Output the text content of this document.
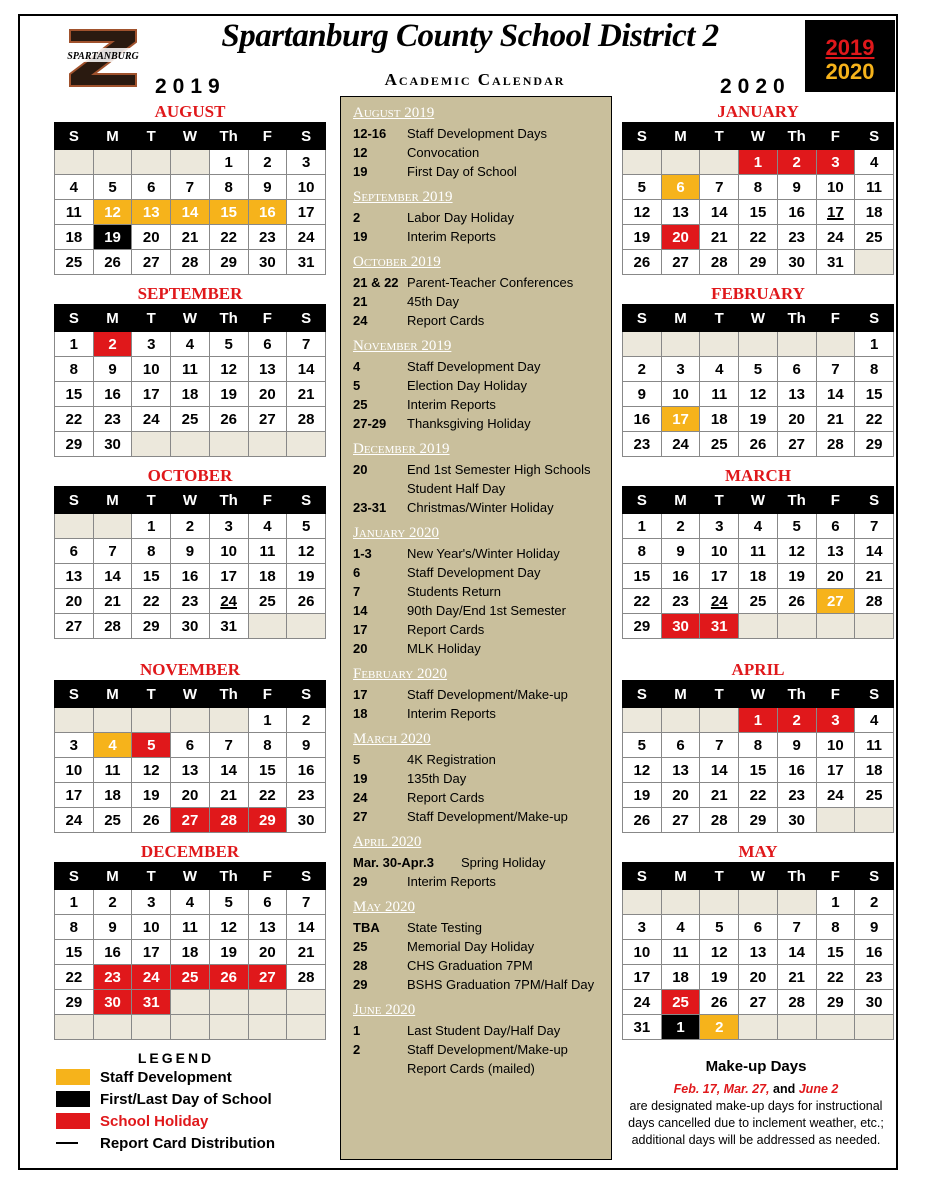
SPARTANBURG
Spartanburg County School District 2
Academic Calendar
2019	2020
2019
2020
August 2019
12-16	Staff Development Days
12	Convocation
19	First Day of School
September 2019
2	Labor Day Holiday
19	Interim Reports
October 2019
21 & 22 Parent-Teacher Conferences
21	45th Day
24	Report Cards
November 2019
4	Staff Development Day
5	Election Day Holiday
25	Interim Reports
27-29	Thanksgiving Holiday
December 2019
20	End 1st Semester High Schools
Student Half Day
23-31	Christmas/Winter Holiday
January 2020
1-3	New Year's/Winter Holiday
6	Staff Development Day
7	Students Return
14	90th Day/End 1st Semester
17	Report Cards
20	MLK Holiday
February 2020
17	Staff Development/Make-up
18	Interim Reports
March 2020
5	4K Registration
19	135th Day
24	Report Cards
27	Staff Development/Make-up
April 2020
Mar. 30-Apr.3	Spring Holiday
29	Interim Reports
May 2020
TBA	State Testing
25	Memorial Day Holiday
28	CHS Graduation 7PM
29	BSHS Graduation 7PM/Half Day
June 2020
1	Last Student Day/Half Day
2	Staff Development/Make-up
Report Cards (mailed)
LEGEND
Staff Development
First/Last Day of School
School Holiday
Report Card Distribution
Make-up Days
Feb. 17, Mar. 27, and June 2
are designated make-up days for instructional days cancelled due to inclement weather, etc.; additional days will be addressed as needed.
AUGUST
S	M	T	W	Th	F	S
				1	2	3
4	5	6	7	8	9	10
11	12	13	14	15	16	17
18	19	20	21	22	23	24
25	26	27	28	29	30	31
SEPTEMBER
S	M	T	W	Th	F	S
1	2	3	4	5	6	7
8	9	10	11	12	13	14
15	16	17	18	19	20	21
22	23	24	25	26	27	28
29	30					
OCTOBER
S	M	T	W	Th	F	S
		1	2	3	4	5
6	7	8	9	10	11	12
13	14	15	16	17	18	19
20	21	22	23	24	25	26
27	28	29	30	31		
NOVEMBER
S	M	T	W	Th	F	S
					1	2
3	4	5	6	7	8	9
10	11	12	13	14	15	16
17	18	19	20	21	22	23
24	25	26	27	28	29	30
DECEMBER
S	M	T	W	Th	F	S
1	2	3	4	5	6	7
8	9	10	11	12	13	14
15	16	17	18	19	20	21
22	23	24	25	26	27	28
29	30	31				

JANUARY
S	M	T	W	Th	F	S
			1	2	3	4
5	6	7	8	9	10	11
12	13	14	15	16	17	18
19	20	21	22	23	24	25
26	27	28	29	30	31	
FEBRUARY
S	M	T	W	Th	F	S
						1
2	3	4	5	6	7	8
9	10	11	12	13	14	15
16	17	18	19	20	21	22
23	24	25	26	27	28	29
MARCH
S	M	T	W	Th	F	S
1	2	3	4	5	6	7
8	9	10	11	12	13	14
15	16	17	18	19	20	21
22	23	24	25	26	27	28
29	30	31				
APRIL
S	M	T	W	Th	F	S
			1	2	3	4
5	6	7	8	9	10	11
12	13	14	15	16	17	18
19	20	21	22	23	24	25
26	27	28	29	30		
MAY
S	M	T	W	Th	F	S
					1	2
3	4	5	6	7	8	9
10	11	12	13	14	15	16
17	18	19	20	21	22	23
24	25	26	27	28	29	30
31	1	2				
